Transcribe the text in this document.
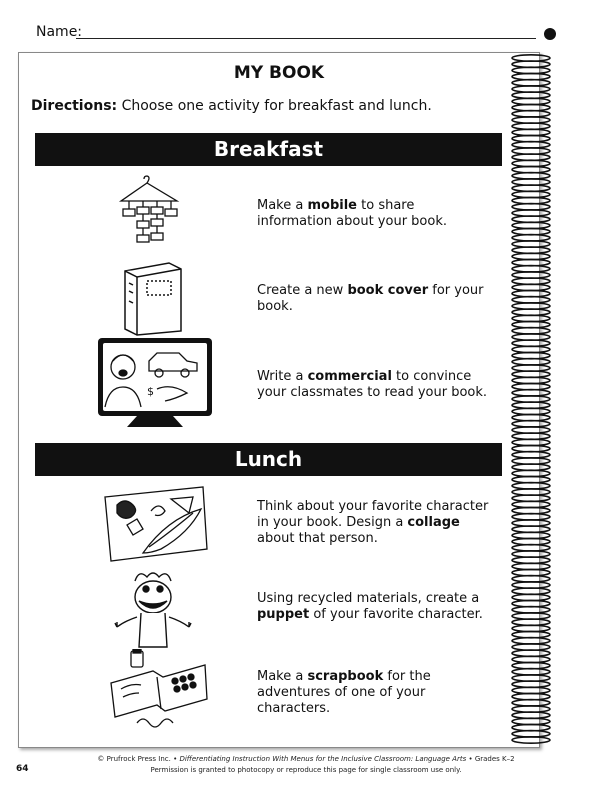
Name:
MY BOOK
Directions: Choose one activity for breakfast and lunch.
Breakfast
Make a mobile to share information about your book.
Create a new book cover for your book.
$
Write a commercial to convince your classmates to read your book.
Lunch
Think about your favorite character in your book. Design a collage about that person.
Using recycled materials, create a puppet of your favorite character.
Make a scrapbook for the adventures of one of your characters.
© Prufrock Press Inc. • Differentiating Instruction With Menus for the Inclusive Classroom: Language Arts • Grades K–2
Permission is granted to photocopy or reproduce this page for single classroom use only.
64
